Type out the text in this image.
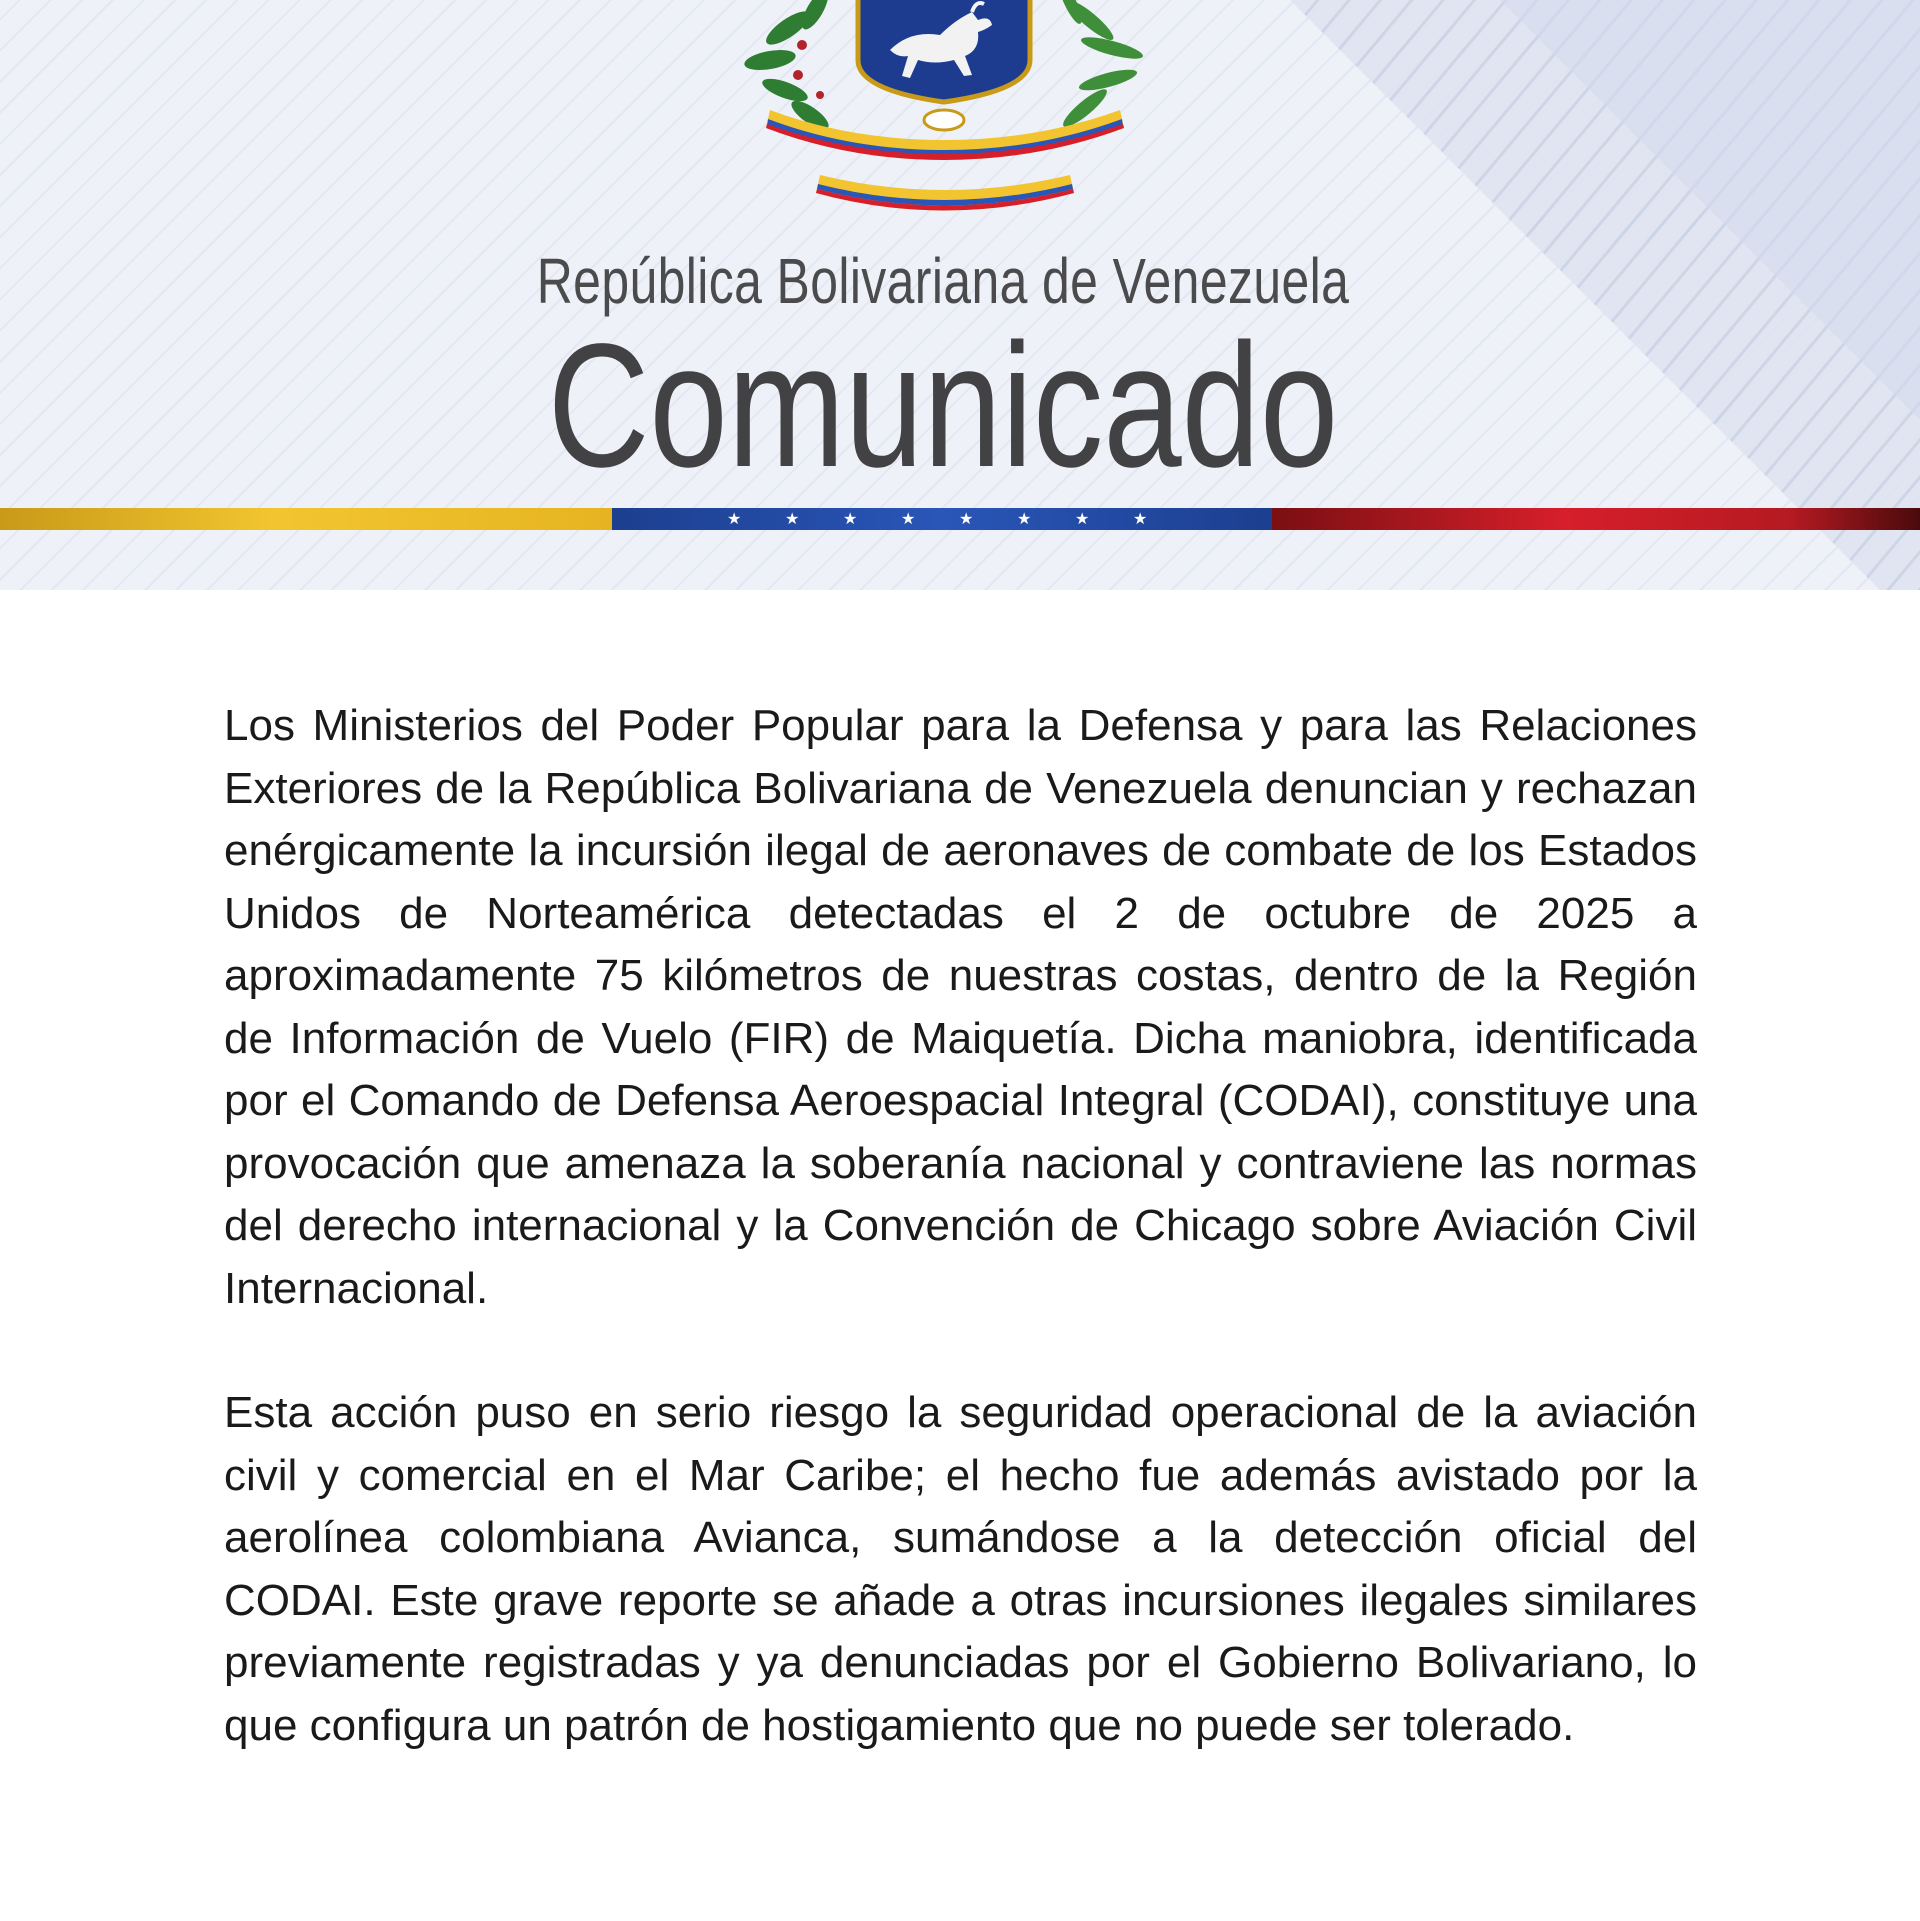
República Bolivariana de Venezuela
Comunicado
★	★	★	★	★	★	★	★

Los Ministerios del Poder Popular para la Defensa y para las Relaciones Exteriores de la República Bolivariana de Venezuela denuncian y rechazan enérgicamente la incursión ilegal de aeronaves de combate de los Estados Unidos de Norteamérica detectadas el 2 de octubre de 2025 a aproximadamente 75 kilómetros de nuestras costas, dentro de la Región de Información de Vuelo (FIR) de Maiquetía. Dicha maniobra, identificada por el Comando de Defensa Aeroespacial Integral (CODAI), constituye una provocación que amenaza la soberanía nacional y contraviene las normas del derecho internacional y la Convención de Chicago sobre Aviación Civil Internacional.

Esta acción puso en serio riesgo la seguridad operacional de la aviación civil y comercial en el Mar Caribe; el hecho fue además avistado por la aerolínea colombiana Avianca, sumándose a la detección oficial del CODAI. Este grave reporte se añade a otras incursiones ilegales similares previamente registradas y ya denunciadas por el Gobierno Bolivariano, lo que configura un patrón de hostigamiento que no puede ser tolerado.
